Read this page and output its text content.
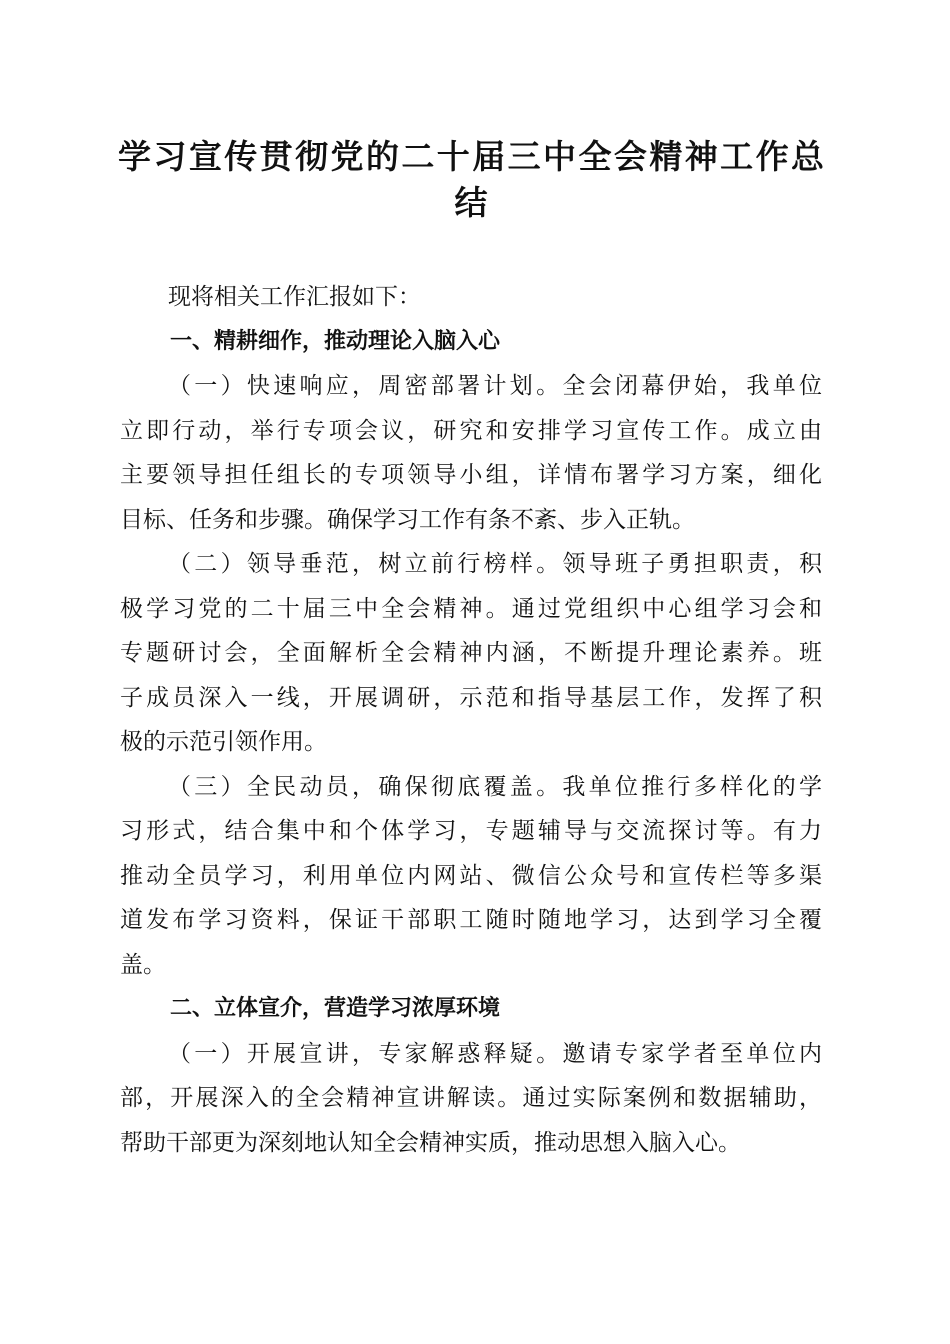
学习宣传贯彻党的二十届三中全会精神工作总
结
现将相关工作汇报如下：
一、精耕细作，推动理论入脑入心
（一）快速响应，周密部署计划。全会闭幕伊始，我单位
立即行动，举行专项会议，研究和安排学习宣传工作。成立由
主要领导担任组长的专项领导小组，详情布署学习方案，细化
目标、任务和步骤。确保学习工作有条不紊、步入正轨。
（二）领导垂范，树立前行榜样。领导班子勇担职责，积
极学习党的二十届三中全会精神。通过党组织中心组学习会和
专题研讨会，全面解析全会精神内涵，不断提升理论素养。班
子成员深入一线，开展调研，示范和指导基层工作，发挥了积
极的示范引领作用。
（三）全民动员，确保彻底覆盖。我单位推行多样化的学
习形式，结合集中和个体学习，专题辅导与交流探讨等。有力
推动全员学习，利用单位内网站、微信公众号和宣传栏等多渠
道发布学习资料，保证干部职工随时随地学习，达到学习全覆
盖。
二、立体宣介，营造学习浓厚环境
（一）开展宣讲，专家解惑释疑。邀请专家学者至单位内
部，开展深入的全会精神宣讲解读。通过实际案例和数据辅助，
帮助干部更为深刻地认知全会精神实质，推动思想入脑入心。
